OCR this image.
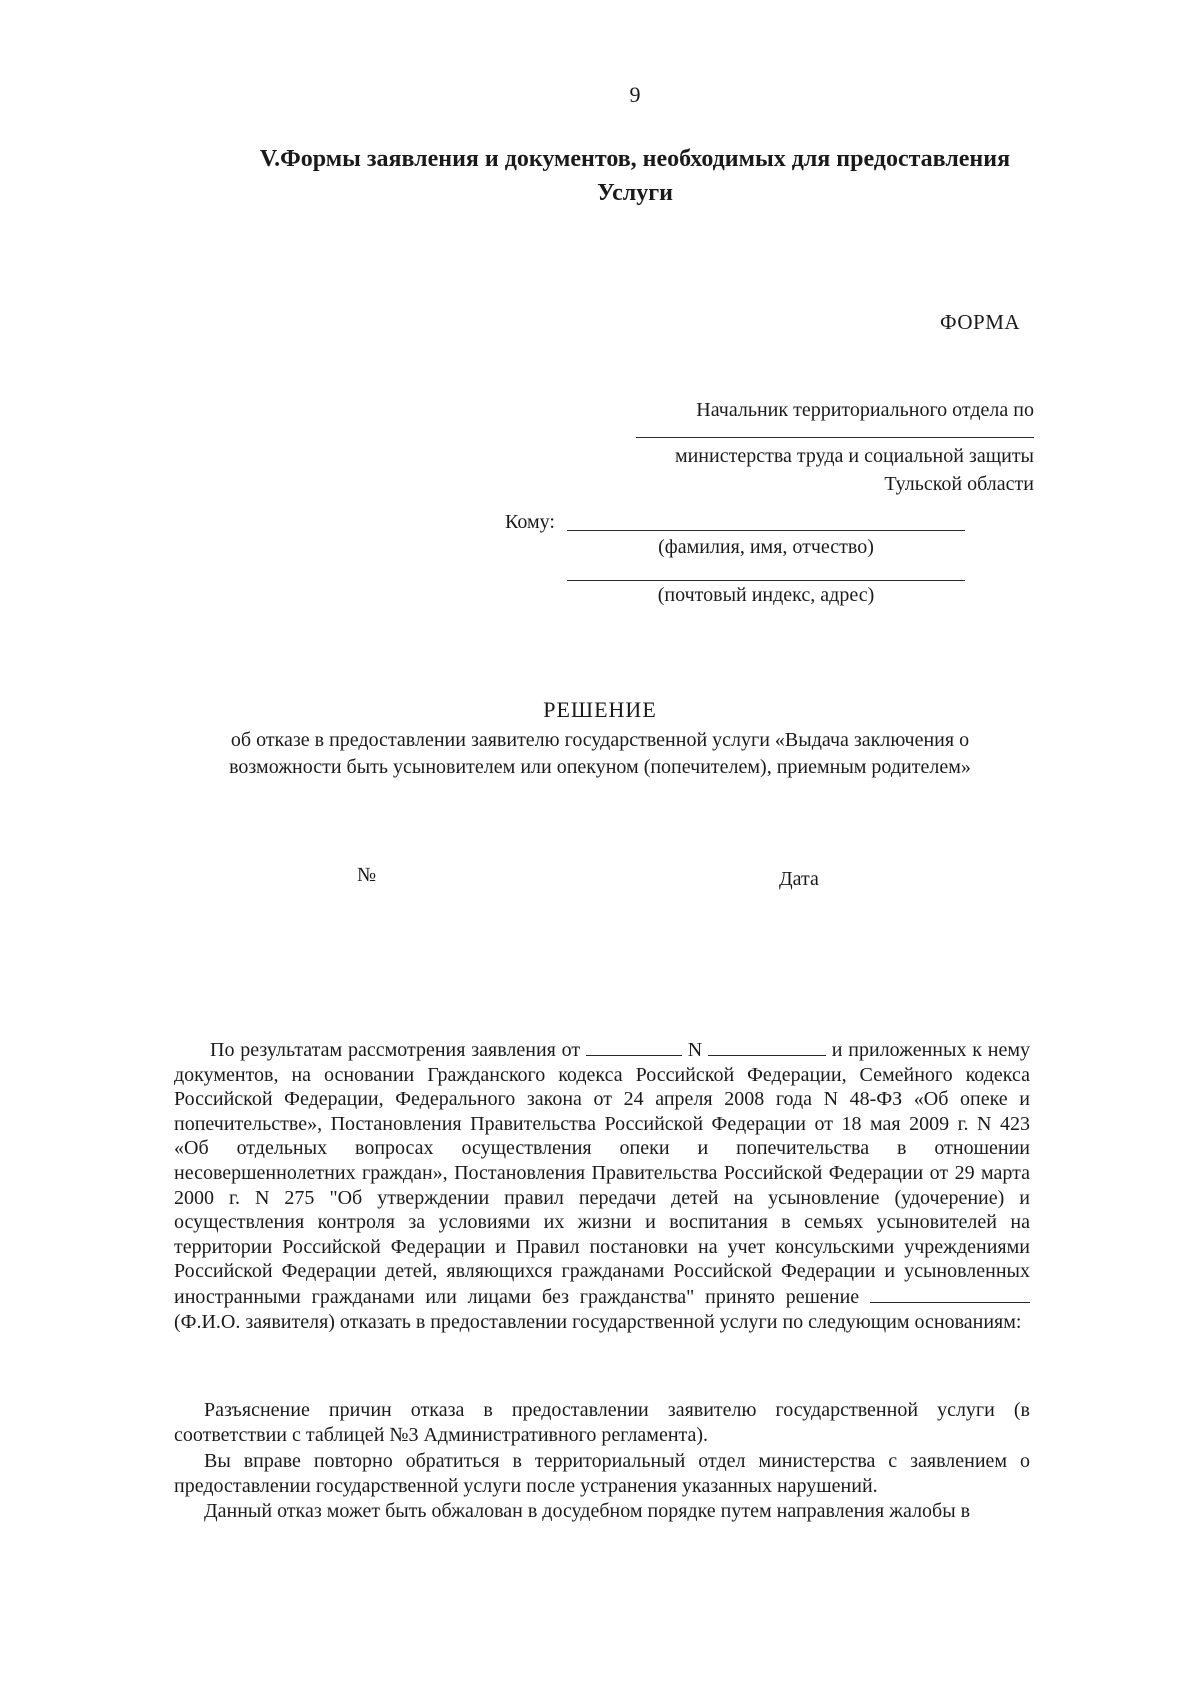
9
V.Формы заявления и документов, необходимых для предоставления
Услуги
ФОРМА
Начальник территориального отдела по
министерства труда и социальной защиты
Тульской области
Кому:
(фамилия, имя, отчество)
(почтовый индекс, адрес)
РЕШЕНИЕ
об отказе в предоставлении заявителю государственной услуги «Выдача заключения о
возможности быть усыновителем или опекуном (попечителем), приемным родителем»
№	Дата

По результатам рассмотрения заявления от	N	и приложенных к нему документов, на основании Гражданского кодекса Российской Федерации, Семейного кодекса Российской Федерации, Федерального закона от 24 апреля 2008 года N 48-ФЗ «Об опеке и попечительстве», Постановления Правительства Российской Федерации от 18 мая 2009 г. N 423 «Об отдельных вопросах осуществления опеки и попечительства в отношении несовершеннолетних граждан», Постановления Правительства Российской Федерации от 29 марта 2000 г. N 275 "Об утверждении правил передачи детей на усыновление (удочерение) и осуществления контроля за условиями их жизни и воспитания в семьях усыновителей на территории Российской Федерации и Правил постановки на учет консульскими учреждениями Российской Федерации детей, являющихся гражданами Российской Федерации и усыновленных иностранными гражданами или лицами без гражданства" принято решение  (Ф.И.О. заявителя) отказать в предоставлении государственной услуги по следующим основаниям:

Разъяснение причин отказа в предоставлении заявителю государственной услуги (в соответствии с таблицей №3 Административного регламента).

Вы вправе повторно обратиться в территориальный отдел министерства с заявлением о предоставлении государственной услуги после устранения указанных нарушений.

Данный отказ может быть обжалован в досудебном порядке путем направления жалобы в
